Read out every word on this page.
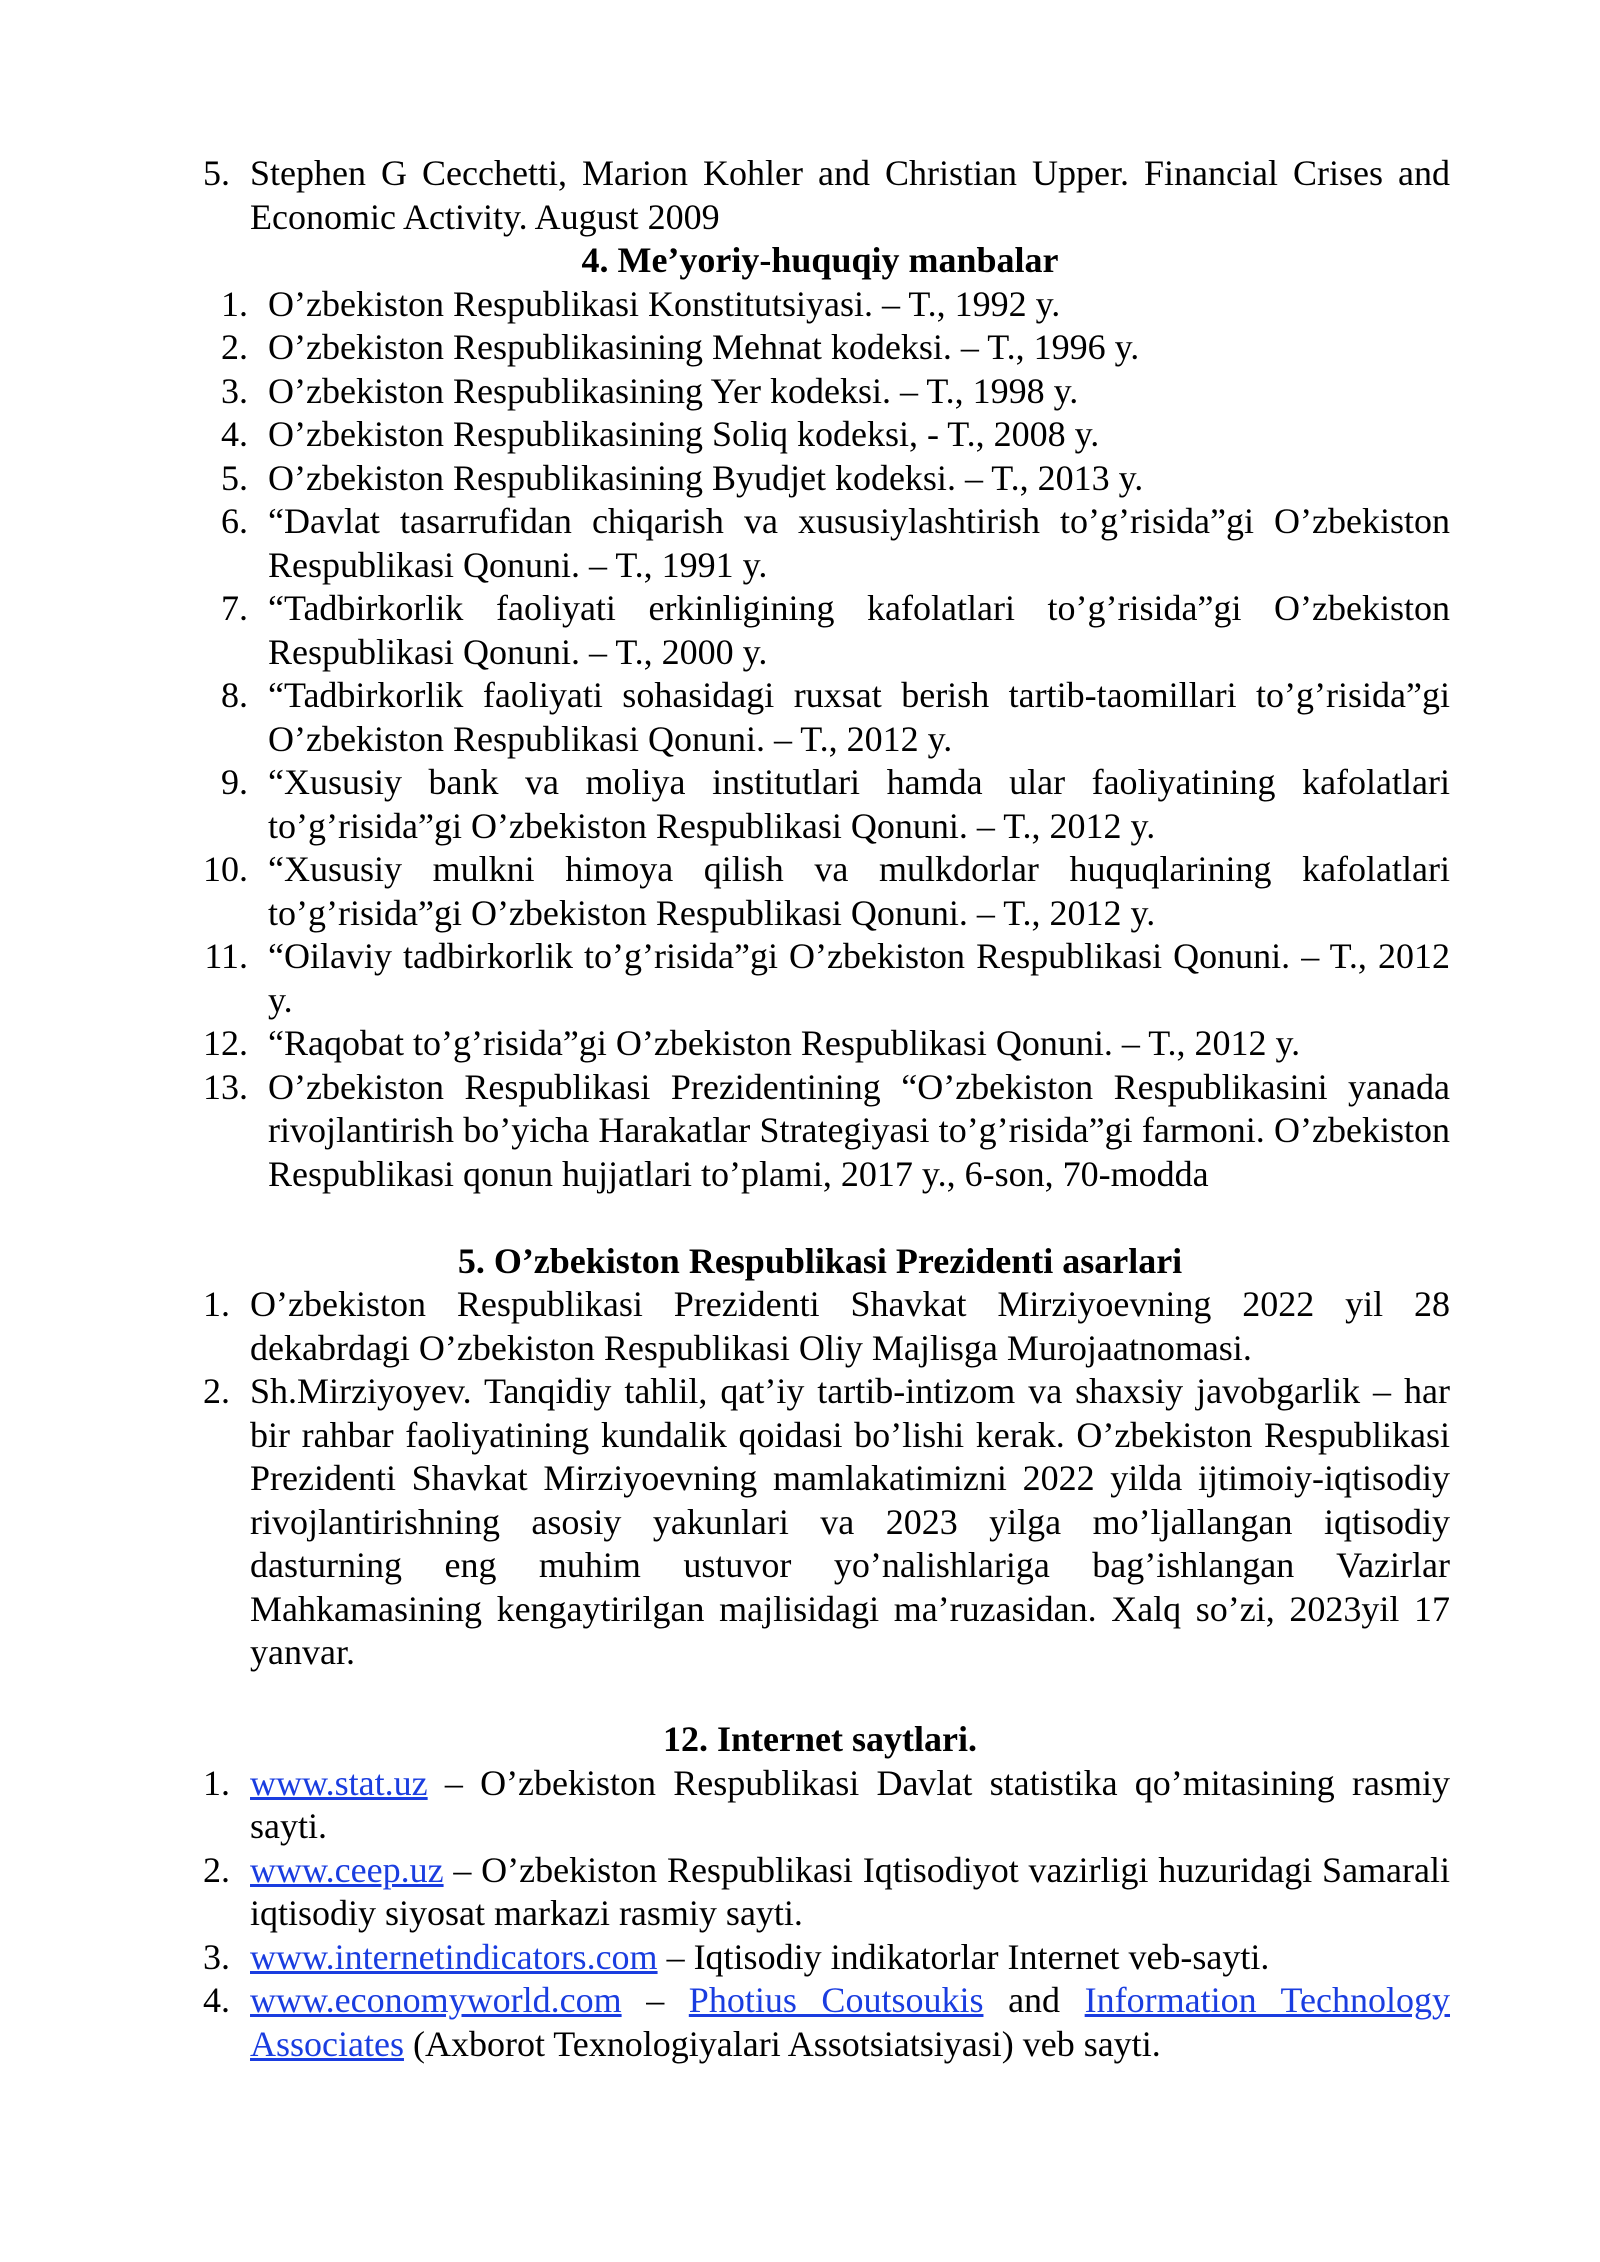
5. Stephen G Cecchetti, Marion Kohler and Christian Upper. Financial Crises and Economic Activity. August 2009
4. Me’yoriy-huquqiy manbalar
1. O’zbekiston Respublikasi Konstitutsiyasi. – T., 1992 y.
2. O’zbekiston Respublikasining Mehnat kodeksi. – T., 1996 y.
3. O’zbekiston Respublikasining Yer kodeksi. – T., 1998 y.
4. O’zbekiston Respublikasining Soliq kodeksi, - T., 2008 y.
5. O’zbekiston Respublikasining Byudjet kodeksi. – T., 2013 y.
6. “Davlat tasarrufidan chiqarish va xususiylashtirish to’g’risida”gi O’zbekiston Respublikasi Qonuni. – T., 1991 y.
7. “Tadbirkorlik faoliyati erkinligining kafolatlari to’g’risida”gi O’zbekiston Respublikasi Qonuni. – T., 2000 y.
8. “Tadbirkorlik faoliyati sohasidagi ruxsat berish tartib-taomillari to’g’risida”gi O’zbekiston Respublikasi Qonuni. – T., 2012 y.
9. “Xususiy bank va moliya institutlari hamda ular faoliyatining kafolatlari to’g’risida”gi O’zbekiston Respublikasi Qonuni. – T., 2012 y.
10. “Xususiy mulkni himoya qilish va mulkdorlar huquqlarining kafolatlari to’g’risida”gi O’zbekiston Respublikasi Qonuni. – T., 2012 y.
11. “Oilaviy tadbirkorlik to’g’risida”gi O’zbekiston Respublikasi Qonuni. – T., 2012 y.
12. “Raqobat to’g’risida”gi O’zbekiston Respublikasi Qonuni. – T., 2012 y.
13. O’zbekiston Respublikasi Prezidentining “O’zbekiston Respublikasini yanada rivojlantirish bo’yicha Harakatlar Strategiyasi to’g’risida”gi farmoni. O’zbekiston Respublikasi qonun hujjatlari to’plami, 2017 y., 6-son, 70-modda
5. O’zbekiston Respublikasi Prezidenti asarlari
1. O’zbekiston Respublikasi Prezidenti Shavkat Mirziyoevning 2022 yil 28 dekabrdagi O’zbekiston Respublikasi Oliy Majlisga Murojaatnomasi.
2. Sh.Mirziyoyev. Tanqidiy tahlil, qat’iy tartib-intizom va shaxsiy javobgarlik – har bir rahbar faoliyatining kundalik qoidasi bo’lishi kerak. O’zbekiston Respublikasi Prezidenti Shavkat Mirziyoevning mamlakatimizni 2022 yilda ijtimoiy-iqtisodiy rivojlantirishning asosiy yakunlari va 2023 yilga mo’ljallangan iqtisodiy dasturning eng muhim ustuvor yo’nalishlariga bag’ishlangan Vazirlar Mahkamasining kengaytirilgan majlisidagi ma’ruzasidan. Xalq so’zi, 2023yil 17 yanvar.
12. Internet saytlari.
1. www.stat.uz – O’zbekiston Respublikasi Davlat statistika qo’mitasining rasmiy sayti.
2. www.ceep.uz – O’zbekiston Respublikasi Iqtisodiyot vazirligi huzuridagi Samarali iqtisodiy siyosat markazi rasmiy sayti.
3. www.internetindicators.com – Iqtisodiy indikatorlar Internet veb-sayti.
4. www.economyworld.com – Photius Coutsoukis and Information Technology Associates (Axborot Texnologiyalari Assotsiatsiyasi) veb sayti.
